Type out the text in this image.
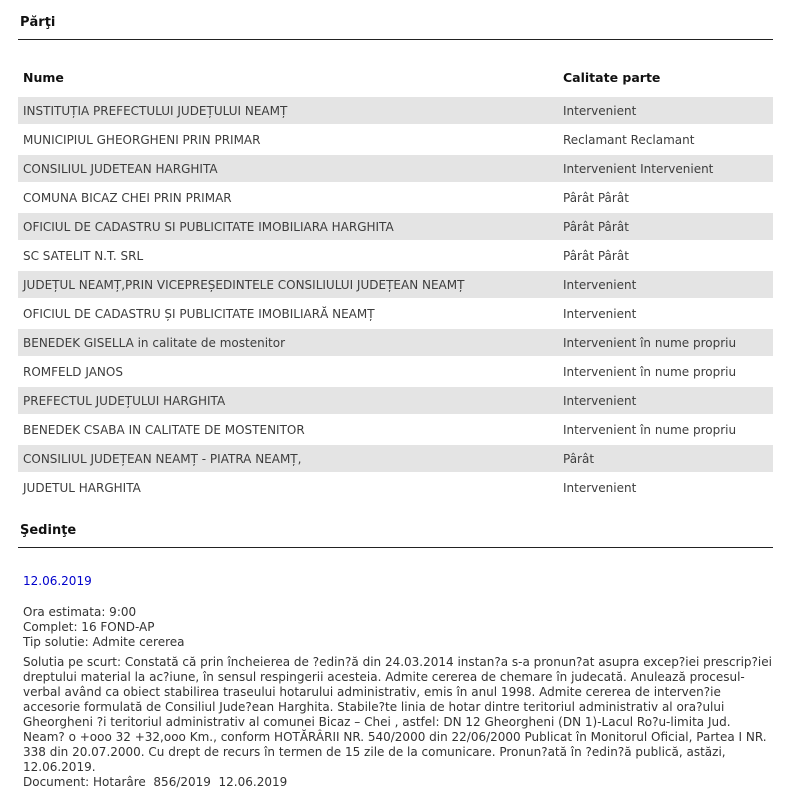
Părţi
Nume	Calitate parte
INSTITUȚIA PREFECTULUI JUDEȚULUI NEAMȚ	Intervenient
MUNICIPIUL GHEORGHENI PRIN PRIMAR	Reclamant Reclamant
CONSILIUL JUDETEAN HARGHITA	Intervenient Intervenient
COMUNA BICAZ CHEI PRIN PRIMAR	Pârât Pârât
OFICIUL DE CADASTRU SI PUBLICITATE IMOBILIARA HARGHITA	Pârât Pârât
SC SATELIT N.T. SRL	Pârât Pârât
JUDEȚUL NEAMȚ,PRIN VICEPREȘEDINTELE CONSILIULUI JUDEȚEAN NEAMȚ	Intervenient
OFICIUL DE CADASTRU ȘI PUBLICITATE IMOBILIARĂ NEAMȚ	Intervenient
BENEDEK GISELLA in calitate de mostenitor	Intervenient în nume propriu
ROMFELD JANOS	Intervenient în nume propriu
PREFECTUL JUDEȚULUI HARGHITA	Intervenient
BENEDEK CSABA IN CALITATE DE MOSTENITOR	Intervenient în nume propriu
CONSILIUL JUDEȚEAN NEAMȚ - PIATRA NEAMȚ,	Pârât
JUDETUL HARGHITA	Intervenient
Şedinţe
12.06.2019
Ora estimata: 9:00
Complet: 16 FOND-AP
Tip solutie: Admite cererea
Solutia pe scurt: Constată că prin încheierea de ?edin?ă din 24.03.2014 instan?a s-a pronun?at asupra excep?iei prescrip?iei dreptului material la ac?iune, în sensul respingerii acesteia. Admite cererea de chemare în judecată. Anulează procesul-verbal având ca obiect stabilirea traseului hotarului administrativ, emis în anul 1998. Admite cererea de interven?ie accesorie formulată de Consiliul Jude?ean Harghita. Stabile?te linia de hotar dintre teritoriul administrativ al ora?ului Gheorgheni ?i teritoriul administrativ al comunei Bicaz – Chei , astfel: DN 12 Gheorgheni (DN 1)-Lacul Ro?u-limita Jud. Neam? o +ooo 32 +32,ooo Km., conform HOTĂRÂRII NR. 540/2000 din 22/06/2000 Publicat în Monitorul Oficial, Partea I NR. 338 din 20.07.2000. Cu drept de recurs în termen de 15 zile de la comunicare. Pronun?ată în ?edin?ă publică, astăzi, 12.06.2019.
Document: Hotarâre  856/2019  12.06.2019
